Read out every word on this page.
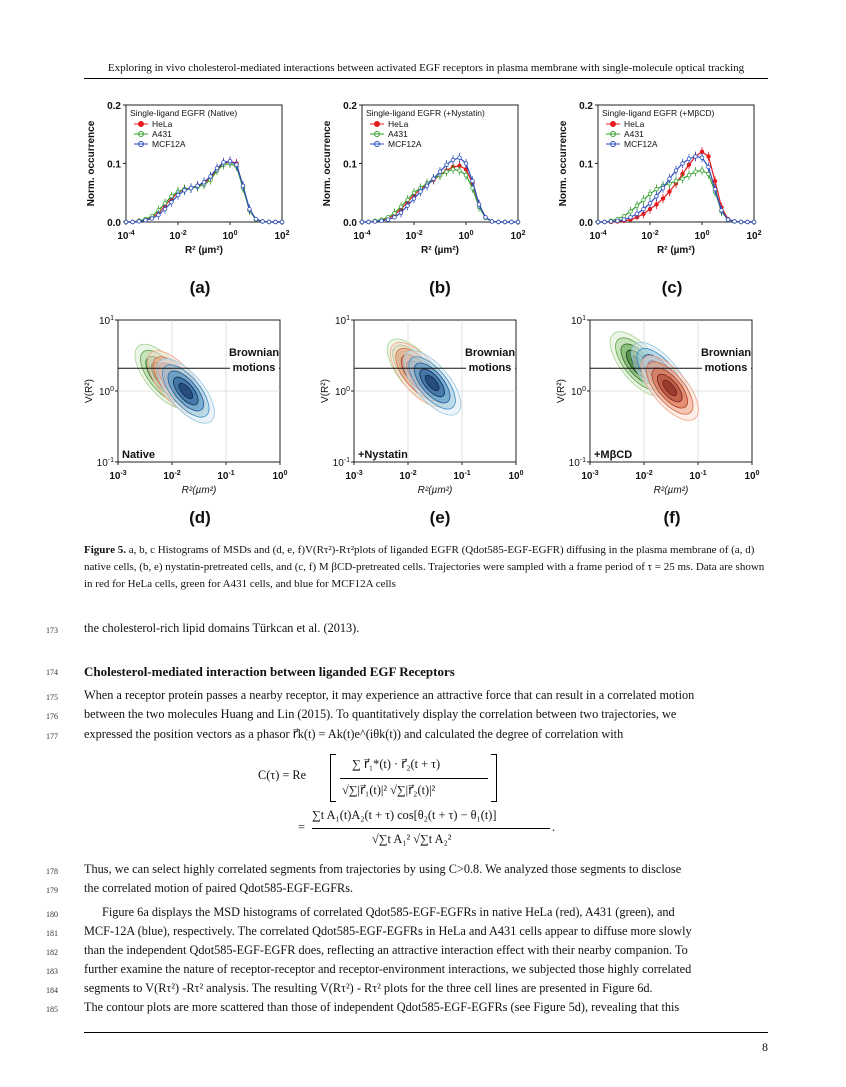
Exploring in vivo cholesterol-mediated interactions between activated EGF receptors in plasma membrane with single-molecule optical tracking
0.0
0.1
0.2
$10^{-4}$	$10^{-2}$	$10^0$	$10^2$
R² (µm²)
Norm. occurrence
Single-ligand EGFR (Native)
HeLa
A431
MCF12A
0.0
0.1
0.2
$10^{-4}$	$10^{-2}$	$10^0$	$10^2$
R² (µm²)
Norm. occurrence
Single-ligand EGFR (+Nystatin)
HeLa
A431
MCF12A
0.0
0.1
0.2
$10^{-4}$	$10^{-2}$	$10^0$	$10^2$
R² (µm²)
Norm. occurrence
Single-ligand EGFR (+MβCD)
HeLa
A431
MCF12A
(a)	(b)	(c)
Brownian
motions
Native
$10^{-3}$	$10^{-2}$	$10^{-1}$	$10^0$
$10^{-1}$
$10^0$
$10^1$
R²(µm²)
V(R²)
Brownian
motions
+Nystatin
$10^{-3}$	$10^{-2}$	$10^{-1}$	$10^0$
$10^{-1}$
$10^0$
$10^1$
R²(µm²)
V(R²)
Brownian
motions
+MβCD
$10^{-3}$	$10^{-2}$	$10^{-1}$	$10^0$
$10^{-1}$
$10^0$
$10^1$
R²(µm²)
V(R²)
(d)	(e)	(f)
Figure 5. a, b, c Histograms of MSDs and (d, e, f)V(Rτ²)-Rτ²plots of liganded EGFR (Qdot585-EGF-EGFR) diffusing in the plasma membrane of (a, d) native cells, (b, e) nystatin-pretreated cells, and (c, f) M βCD-pretreated cells. Trajectories were sampled with a frame period of τ = 25 ms. Data are shown in red for HeLa cells, green for A431 cells, and blue for MCF12A cells
173	the cholesterol-rich lipid domains Türkcan et al. (2013).
174	Cholesterol-mediated interaction between liganded EGF Receptors
175	When a receptor protein passes a nearby receptor, it may experience an attractive force that can result in a correlated motion
176	between the two molecules Huang and Lin (2015). To quantitatively display the correlation between two trajectories, we
177	expressed the position vectors as a phasor r⃗k(t) = Ak(t)e^(iθk(t)) and calculated the degree of correlation with
C(τ) = Re
∑ r⃗₁*(t) · r⃗₂(t + τ)
√∑|r⃗₁(t)|² √∑|r⃗₂(t)|²
=
∑t A₁(t)A₂(t + τ) cos[θ₂(t + τ) − θ₁(t)]
√∑t A₁² √∑t A₂²
.
178	Thus, we can select highly correlated segments from trajectories by using C>0.8. We analyzed those segments to disclose
179	the correlated motion of paired Qdot585-EGF-EGFRs.
180	Figure 6a displays the MSD histograms of correlated Qdot585-EGF-EGFRs in native HeLa (red), A431 (green), and
181	MCF-12A (blue), respectively. The correlated Qdot585-EGF-EGFRs in HeLa and A431 cells appear to diffuse more slowly
182	than the independent Qdot585-EGF-EGFR does, reflecting an attractive interaction effect with their nearby companion. To
183	further examine the nature of receptor-receptor and receptor-environment interactions, we subjected those highly correlated
184	segments to V(Rτ²) -Rτ² analysis. The resulting V(Rτ²) - Rτ² plots for the three cell lines are presented in Figure 6d.
185	The contour plots are more scattered than those of independent Qdot585-EGF-EGFRs (see Figure 5d), revealing that this
8
